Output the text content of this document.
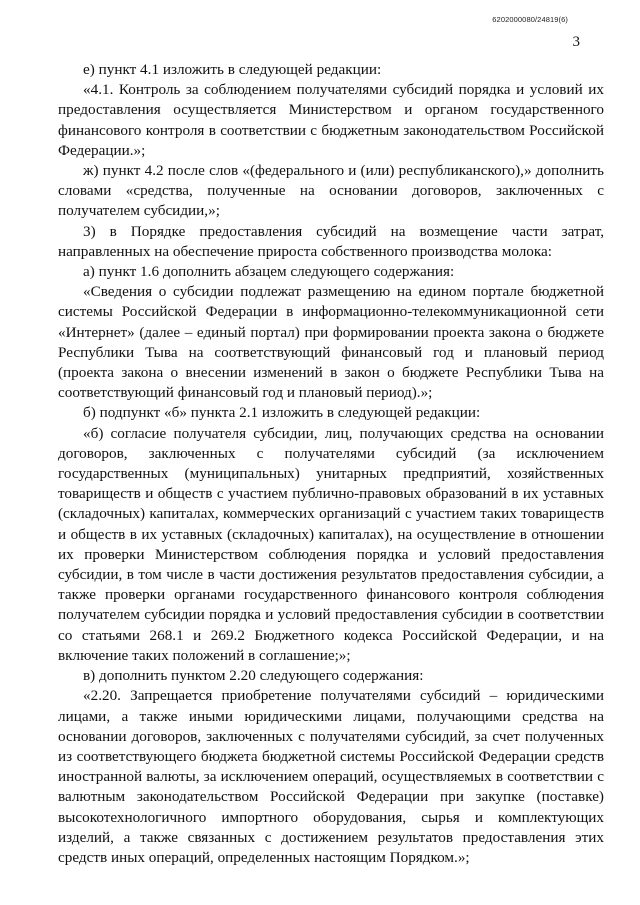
6202000080/24819(6)
3

е) пункт 4.1 изложить в следующей редакции:

«4.1. Контроль за соблюдением получателями субсидий порядка и условий их предоставления осуществляется Министерством и органом государственного финансового контроля в соответствии с бюджетным законодательством Российской Федерации.»;

ж) пункт 4.2 после слов «(федерального и (или) республиканского),» дополнить словами «средства, полученные на основании договоров, заключенных с получателем субсидии,»;

3) в Порядке предоставления субсидий на возмещение части затрат, направленных на обеспечение прироста собственного производства молока:

а) пункт 1.6 дополнить абзацем следующего содержания:

«Сведения о субсидии подлежат размещению на едином портале бюджетной системы Российской Федерации в информационно-телекоммуникационной сети «Интернет» (далее – единый портал) при формировании проекта закона о бюджете Республики Тыва на соответствующий финансовый год и плановый период (проекта закона о внесении изменений в закон о бюджете Республики Тыва на соответствующий финансовый год и плановый период).»;

б) подпункт «б» пункта 2.1 изложить в следующей редакции:

«б) согласие получателя субсидии, лиц, получающих средства на основании договоров, заключенных с получателями субсидий (за исключением государственных (муниципальных) унитарных предприятий, хозяйственных товариществ и обществ с участием публично-правовых образований в их уставных (складочных) капиталах, коммерческих организаций с участием таких товариществ и обществ в их уставных (складочных) капиталах), на осуществление в отношении их проверки Министерством соблюдения порядка и условий предоставления субсидии, в том числе в части достижения результатов предоставления субсидии, а также проверки органами государственного финансового контроля соблюдения получателем субсидии порядка и условий предоставления субсидии в соответствии со статьями 268.1 и 269.2 Бюджетного кодекса Российской Федерации, и на включение таких положений в соглашение;»;

в) дополнить пунктом 2.20 следующего содержания:

«2.20. Запрещается приобретение получателями субсидий – юридическими лицами, а также иными юридическими лицами, получающими средства на основании договоров, заключенных с получателями субсидий, за счет полученных из соответствующего бюджета бюджетной системы Российской Федерации средств иностранной валюты, за исключением операций, осуществляемых в соответствии с валютным законодательством Российской Федерации при закупке (поставке) высокотехнологичного импортного оборудования, сырья и комплектующих изделий, а также связанных с достижением результатов предоставления этих средств иных операций, определенных настоящим Порядком.»;
